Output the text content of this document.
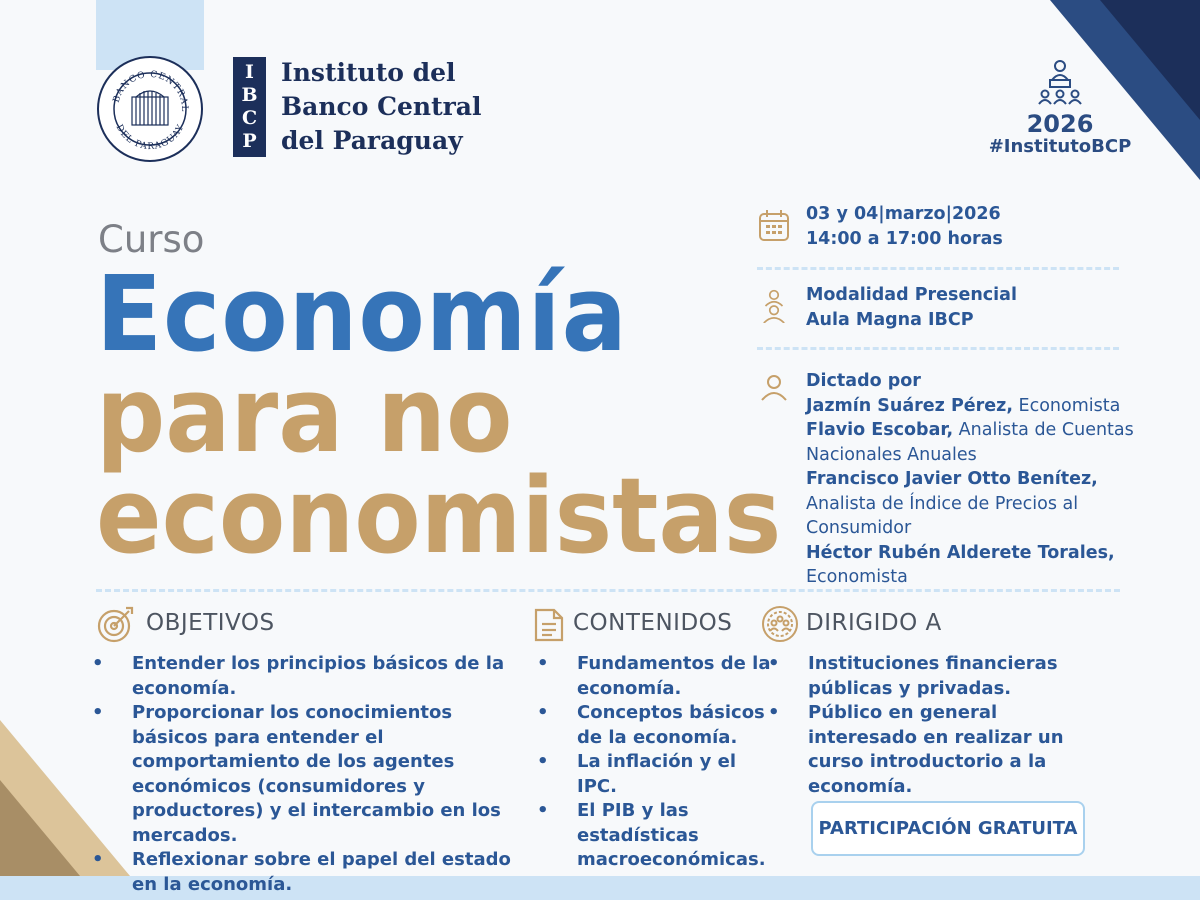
BANCO CENTRAL
DEL PARAGUAY
I
B
C
P
Instituto del
Banco Central
del Paraguay
2026
#InstitutoBCP
Curso
Economía
para no
economistas
03 y 04|marzo|2026
14:00 a 17:00 horas
Modalidad Presencial
Aula Magna IBCP
Dictado por
Jazmín Suárez Pérez, Economista
Flavio Escobar, Analista de Cuentas Nacionales Anuales
Francisco Javier Otto Benítez, Analista de Índice de Precios al Consumidor
Héctor Rubén Alderete Torales,
Economista
OBJETIVOS
• Entender los principios básicos de la economía.
• Proporcionar los conocimientos básicos para entender el comportamiento de los agentes económicos (consumidores y productores) y el intercambio en los mercados.
• Reflexionar sobre el papel del estado en la economía.
CONTENIDOS
• Fundamentos de la economía.
• Conceptos básicos de la economía.
• La inflación y el IPC.
• El PIB y las estadísticas macroeconómicas.
DIRIGIDO A
• Instituciones financieras públicas y privadas.
• Público en general interesado en realizar un curso introductorio a la economía.
PARTICIPACIÓN GRATUITA
